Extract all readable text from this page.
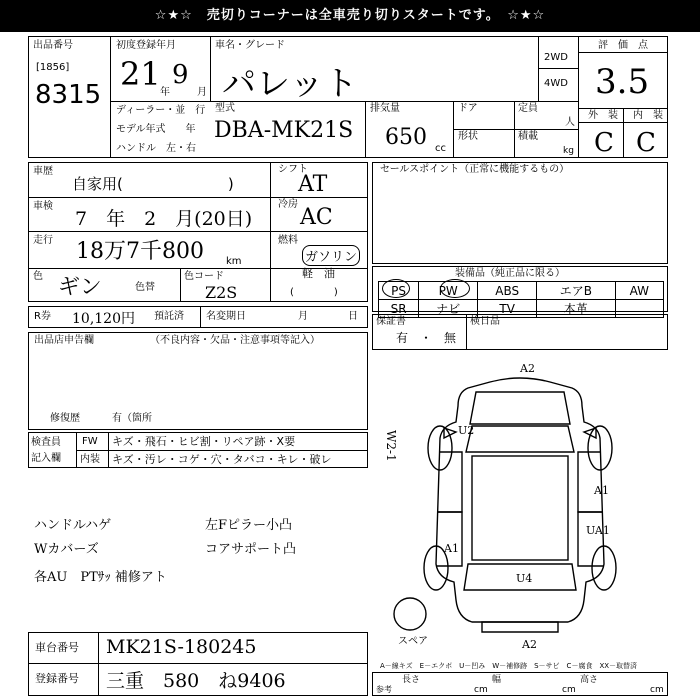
☆★☆　売切りコーナーは全車売り切りスタートです。　☆★☆
出品番号
[1856]
8315
初度登録年月
21 年
9
月
車名・グレード
パレット
2WD
4WD
評　価　点
3.5
外　装 内　装
C C
ディーラー・並　行
モデル年式　　年
ハンドル　左・右
型式
DBA-MK21S
排気量
650 cc
ドア	定員
人
形状	積載
kg
車歴
自家用(　　　　　　　)
車検
7　年　2　月(20日)
走行 18万7千800 km
色 ギン	色替
色コード
Z2S
シフト
AT
冷房
AC
燃料
ガソリン
軽　油
(　　　　)
R券 10,120円 預託済 名変期日	月	日
セールスポイント（正常に機能するもの）
装備品（純正品に限る）
PS	PW	ABS	エアB	AW
SR	ナビ	TV	本革	
保証書
有　・　無
検日品
出品店申告欄	（不良内容・欠品・注意事項等記入）
修復歴	有（箇所
検査員
記入欄
FW キズ・飛石・ヒビ割・リペア跡・X要
内装 キズ・汚レ・コゲ・穴・タバコ・キレ・破レ
ハンドルハゲ	左Fピラー小凸
Wカバーズ	コアサポート凸
各AU　PTｻｯ 補修アト
A2
U2
A1
UA1
A1
U4
A2
スペア
W2-1
A－線キズ　E－エクボ　U－凹み　W－補修跡　S－サビ　C－腐食　XX－取替済
参考
長さ
cm
幅
cm
高さ
cm
車台番号 MK21S-180245
登録番号 三重　580　ね9406
